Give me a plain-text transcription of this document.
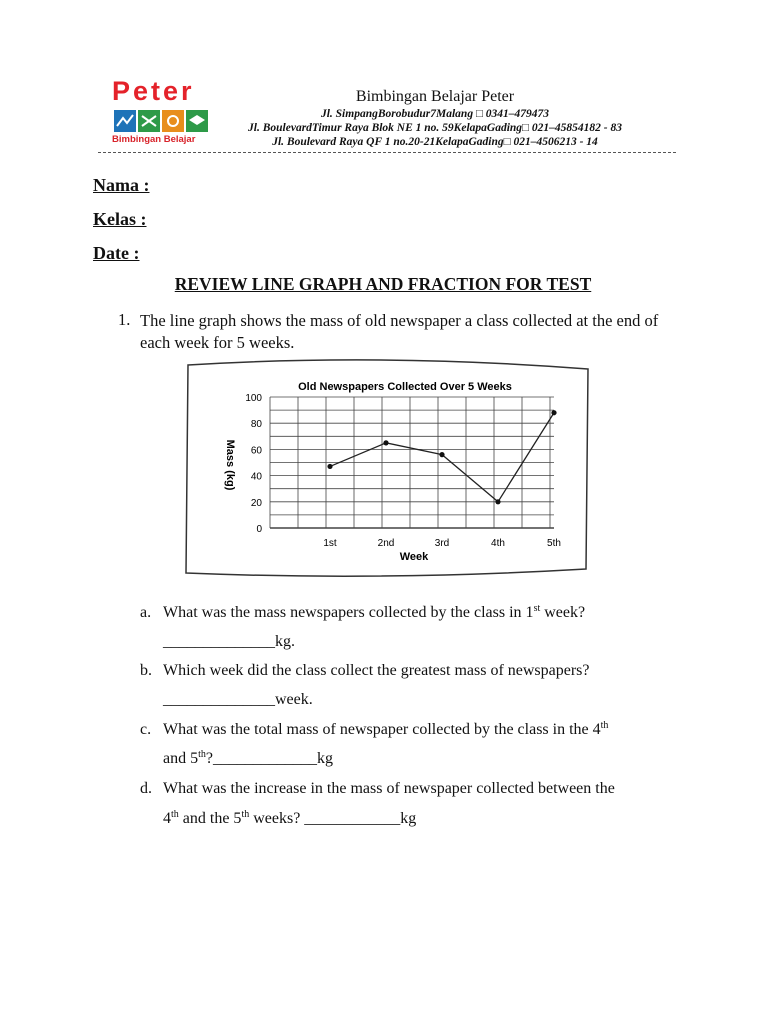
Peter
Bimbingan Belajar
Bimbingan Belajar Peter
Jl. SimpangBorobudur7Malang □ 0341–479473
Jl. BoulevardTimur Raya Blok NE 1 no. 59KelapaGading□ 021–45854182 - 83
Jl. Boulevard Raya QF 1 no.20-21KelapaGading□ 021–4506213 - 14
Nama :
Kelas :
Date :
REVIEW LINE GRAPH AND FRACTION FOR TEST
1. The line graph shows the mass of old newspaper a class collected at the end of each week for 5 weeks.
Old Newspapers Collected Over 5 Weeks
Mass (kg)
Week
0
20
40
60
80
100
1st	2nd	3rd	4th	5th
a. What was the mass newspapers collected by the class in 1st week?
______________kg.
b. Which week did the class collect the greatest mass of newspapers?
______________week.
c. What was the total mass of newspaper collected by the class in the 4th
and 5th?_____________kg
d. What was the increase in the mass of newspaper collected between the
4th and the 5th weeks? ____________kg
